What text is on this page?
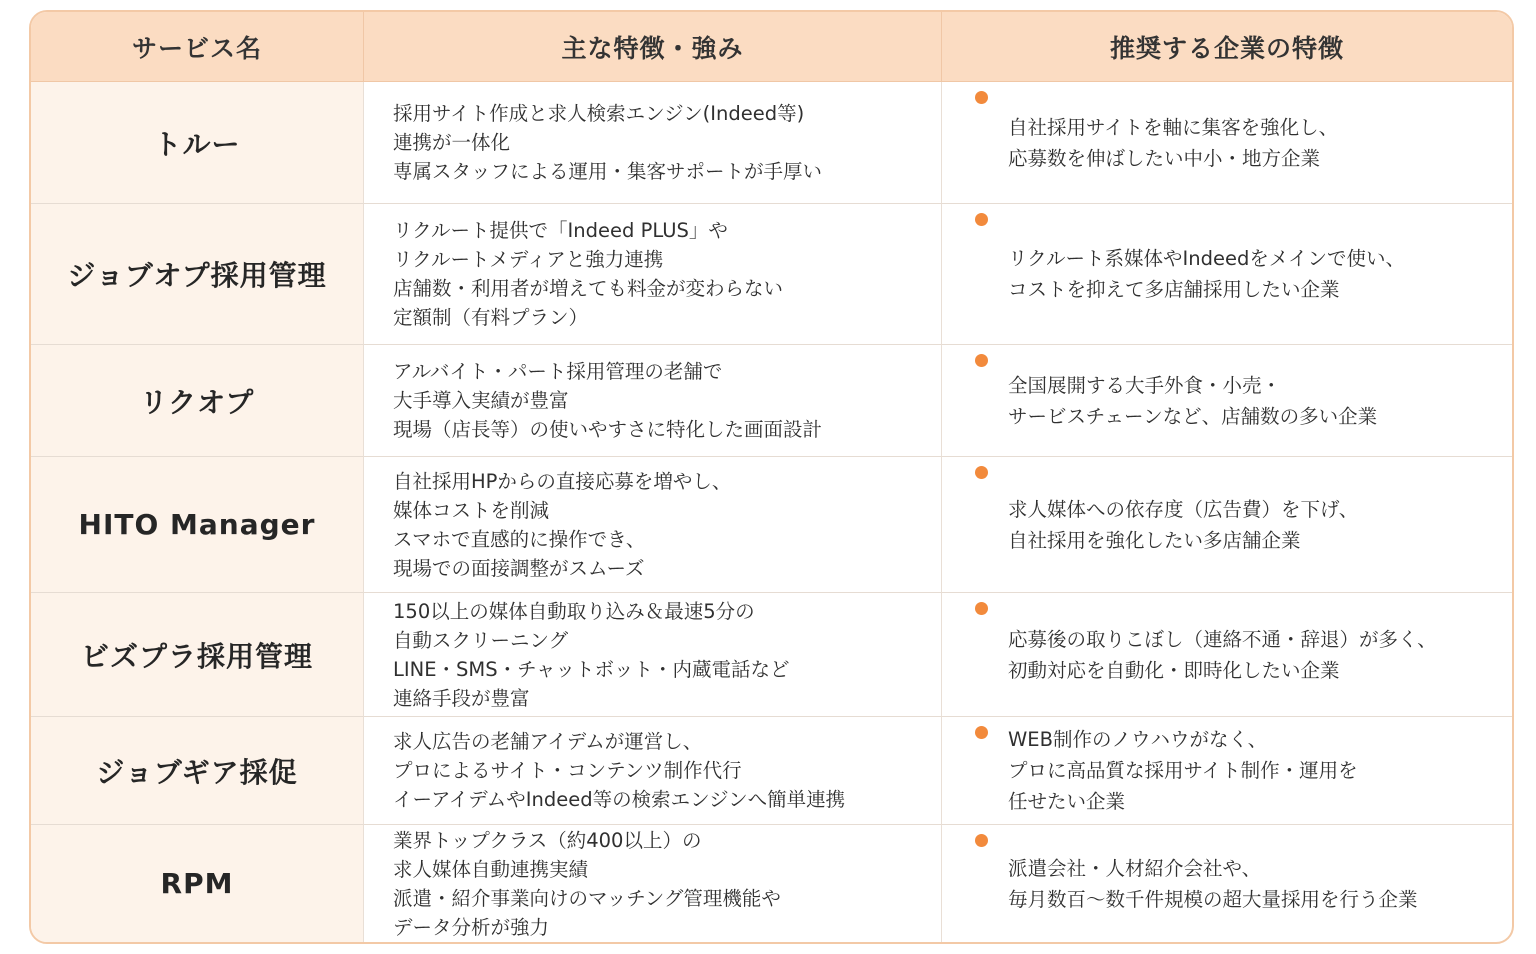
サービス名	主な特徴・強み	推奨する企業の特徴
トルー
採用サイト作成と求人検索エンジン(Indeed等)
連携が一体化
専属スタッフによる運用・集客サポートが手厚い
自社採用サイトを軸に集客を強化し、
応募数を伸ばしたい中小・地方企業
ジョブオプ採用管理
リクルート提供で「Indeed PLUS」や
リクルートメディアと強力連携
店舗数・利用者が増えても料金が変わらない
定額制（有料プラン）
リクルート系媒体やIndeedをメインで使い、
コストを抑えて多店舗採用したい企業
リクオプ
アルバイト・パート採用管理の老舗で
大手導入実績が豊富
現場（店長等）の使いやすさに特化した画面設計
全国展開する大手外食・小売・
サービスチェーンなど、店舗数の多い企業
HITO Manager
自社採用HPからの直接応募を増やし、
媒体コストを削減
スマホで直感的に操作でき、
現場での面接調整がスムーズ
求人媒体への依存度（広告費）を下げ、
自社採用を強化したい多店舗企業
ビズプラ採用管理
150以上の媒体自動取り込み＆最速5分の
自動スクリーニング
LINE・SMS・チャットボット・内蔵電話など
連絡手段が豊富
応募後の取りこぼし（連絡不通・辞退）が多く、
初動対応を自動化・即時化したい企業
ジョブギア採促
求人広告の老舗アイデムが運営し、
プロによるサイト・コンテンツ制作代行
イーアイデムやIndeed等の検索エンジンへ簡単連携
WEB制作のノウハウがなく、
プロに高品質な採用サイト制作・運用を
任せたい企業
RPM
業界トップクラス（約400以上）の
求人媒体自動連携実績
派遣・紹介事業向けのマッチング管理機能や
データ分析が強力
派遣会社・人材紹介会社や、
毎月数百〜数千件規模の超大量採用を行う企業
